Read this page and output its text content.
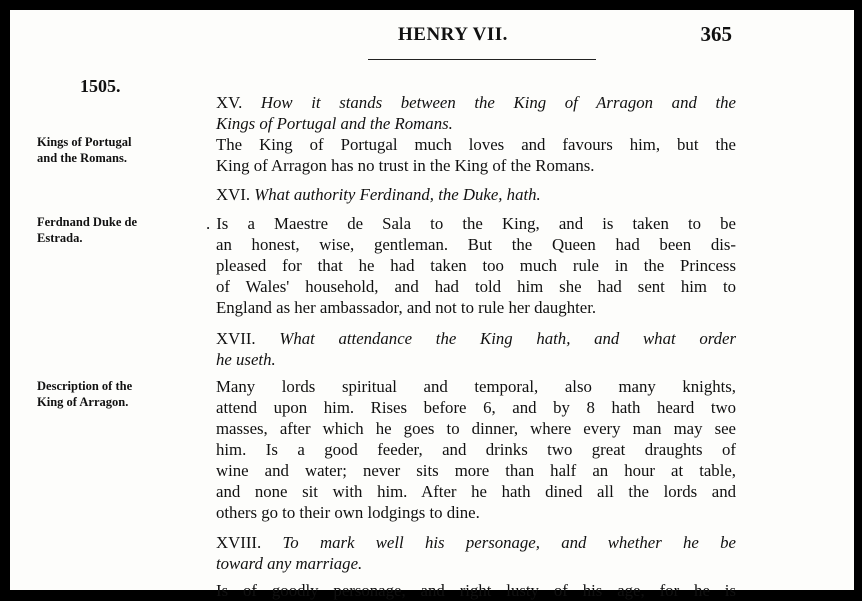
HENRY VII.	365
1505.
Kings of Portugal
and the Romans.
Ferdnand Duke de
Estrada.
Description of the
King of Arragon.
XV. How it stands between the King of Arragon and the
Kings of Portugal and the Romans.
The King of Portugal much loves and favours him, but the
King of Arragon has no trust in the King of the Romans.
XVI. What authority Ferdinand, the Duke, hath.
. Is a Maestre de Sala to the King, and is taken to be
an honest, wise, gentleman. But the Queen had been dis-
pleased for that he had taken too much rule in the Princess
of Wales' household, and had told him she had sent him to
England as her ambassador, and not to rule her daughter.
XVII. What attendance the King hath, and what order
he useth.
Many lords spiritual and temporal, also many knights,
attend upon him. Rises before 6, and by 8 hath heard two
masses, after which he goes to dinner, where every man may see
him. Is a good feeder, and drinks two great draughts of
wine and water; never sits more than half an hour at table,
and none sit with him. After he hath dined all the lords and
others go to their own lodgings to dine.
XVIII. To mark well his personage, and whether he be
toward any marriage.
Is of goodly personage, and right lusty of his age, for he is
